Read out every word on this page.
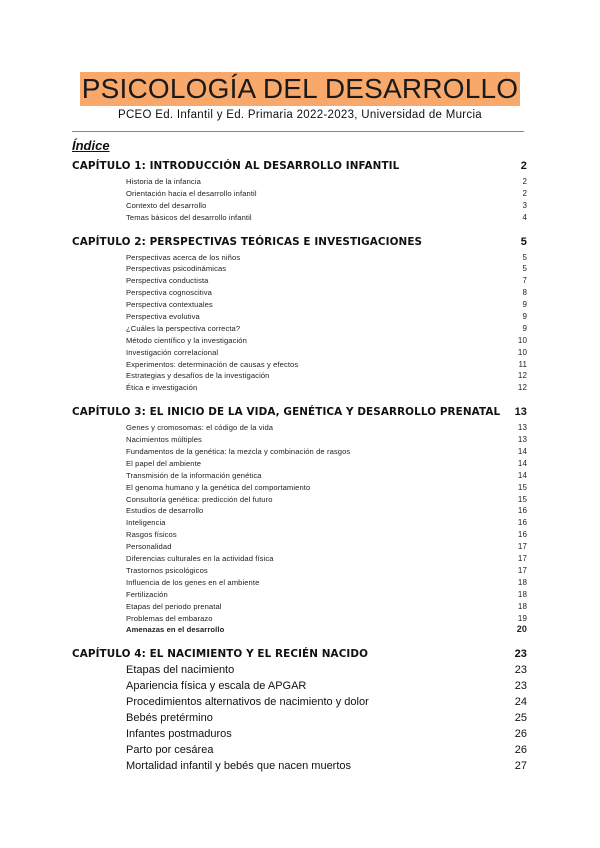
PSICOLOGÍA DEL DESARROLLO
PCEO Ed. Infantil y Ed. Primaria 2022-2023, Universidad de Murcia
Índice
CAPÍTULO 1: INTRODUCCIÓN AL DESARROLLO INFANTIL	2
Historia de la infancia	2
Orientación hacia el desarrollo infantil	2
Contexto del desarrollo	3
Temas básicos del desarrollo infantil	4
CAPÍTULO 2: PERSPECTIVAS TEÓRICAS E INVESTIGACIONES	5
Perspectivas acerca de los niños	5
Perspectivas psicodinámicas	5
Perspectiva conductista	7
Perspectiva cognoscitiva	8
Perspectiva contextuales	9
Perspectiva evolutiva	9
¿Cuáles la perspectiva correcta?	9
Método científico y la investigación	10
Investigación correlacional	10
Experimentos: determinación de causas y efectos	11
Estrategias y desafíos de la investigación	12
Ética e investigación	12
CAPÍTULO 3: EL INICIO DE LA VIDA, GENÉTICA Y DESARROLLO PRENATAL 13
Genes y cromosomas: el código de la vida	13
Nacimientos múltiples	13
Fundamentos de la genética: la mezcla y combinación de rasgos	14
El papel del ambiente	14
Transmisión de la información genética	14
El genoma humano y la genética del comportamiento	15
Consultoría genética: predicción del futuro	15
Estudios de desarrollo	16
Inteligencia	16
Rasgos físicos	16
Personalidad	17
Diferencias culturales en la actividad física	17
Trastornos psicológicos	17
Influencia de los genes en el ambiente	18
Fertilización	18
Etapas del periodo prenatal	18
Problemas del embarazo	19
Amenazas en el desarrollo	20
CAPÍTULO 4: EL NACIMIENTO Y EL RECIÉN NACIDO	23
Etapas del nacimiento	23
Apariencia física y escala de APGAR	23
Procedimientos alternativos de nacimiento y dolor	24
Bebés pretérmino	25
Infantes postmaduros	26
Parto por cesárea	26
Mortalidad infantil y bebés que nacen muertos	27
